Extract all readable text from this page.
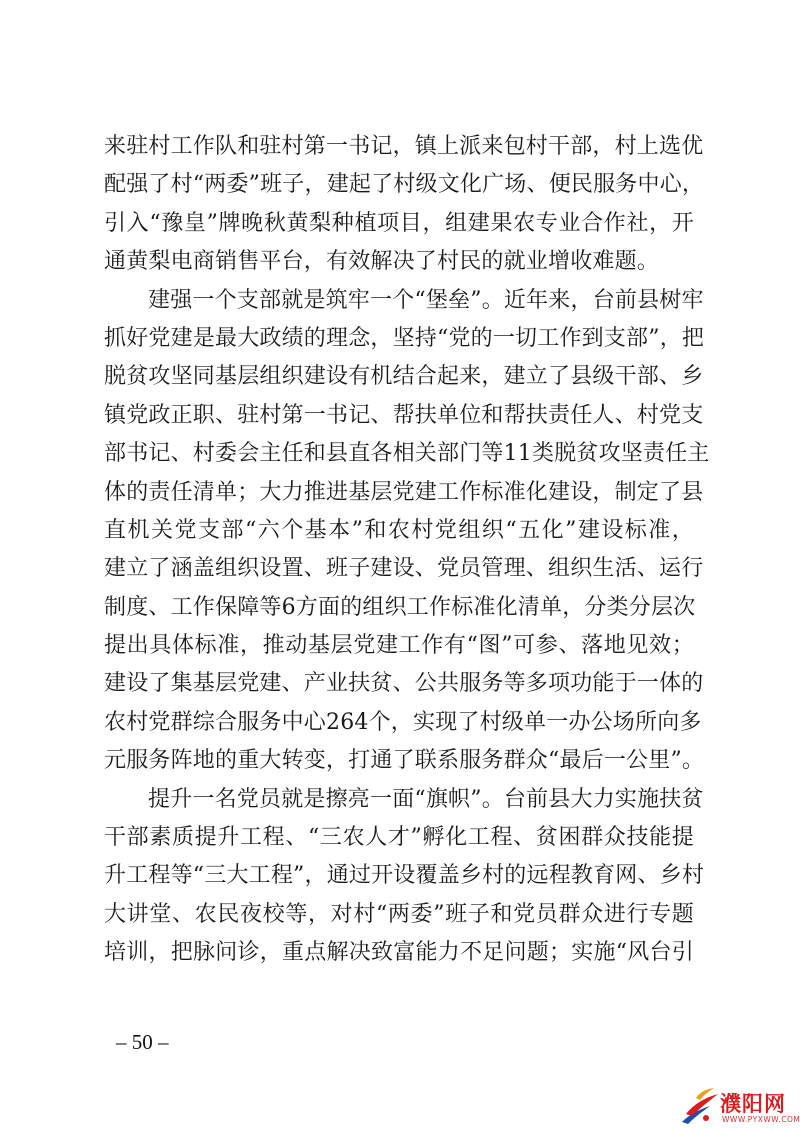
来驻村工作队和驻村第一书记，镇上派来包村干部，村上选优
配强了村“两委”班子，建起了村级文化广场、便民服务中心，
引入“豫皇”牌晚秋黄梨种植项目，组建果农专业合作社，开
通黄梨电商销售平台，有效解决了村民的就业增收难题。
建强一个支部就是筑牢一个“堡垒”。近年来，台前县树牢
抓好党建是最大政绩的理念，坚持“党的一切工作到支部”，把
脱贫攻坚同基层组织建设有机结合起来，建立了县级干部、乡
镇党政正职、驻村第一书记、帮扶单位和帮扶责任人、村党支
部书记、村委会主任和县直各相关部门等11类脱贫攻坚责任主
体的责任清单；大力推进基层党建工作标准化建设，制定了县
直机关党支部“六个基本”和农村党组织“五化”建设标准，
建立了涵盖组织设置、班子建设、党员管理、组织生活、运行
制度、工作保障等6方面的组织工作标准化清单，分类分层次
提出具体标准，推动基层党建工作有“图”可参、落地见效；
建设了集基层党建、产业扶贫、公共服务等多项功能于一体的
农村党群综合服务中心264个，实现了村级单一办公场所向多
元服务阵地的重大转变，打通了联系服务群众“最后一公里”。
提升一名党员就是擦亮一面“旗帜”。台前县大力实施扶贫
干部素质提升工程、“三农人才”孵化工程、贫困群众技能提
升工程等“三大工程”，通过开设覆盖乡村的远程教育网、乡村
大讲堂、农民夜校等，对村“两委”班子和党员群众进行专题
培训，把脉问诊，重点解决致富能力不足问题；实施“风台引
– 50 –
濮阳网
WWW.PYXWW.COM
